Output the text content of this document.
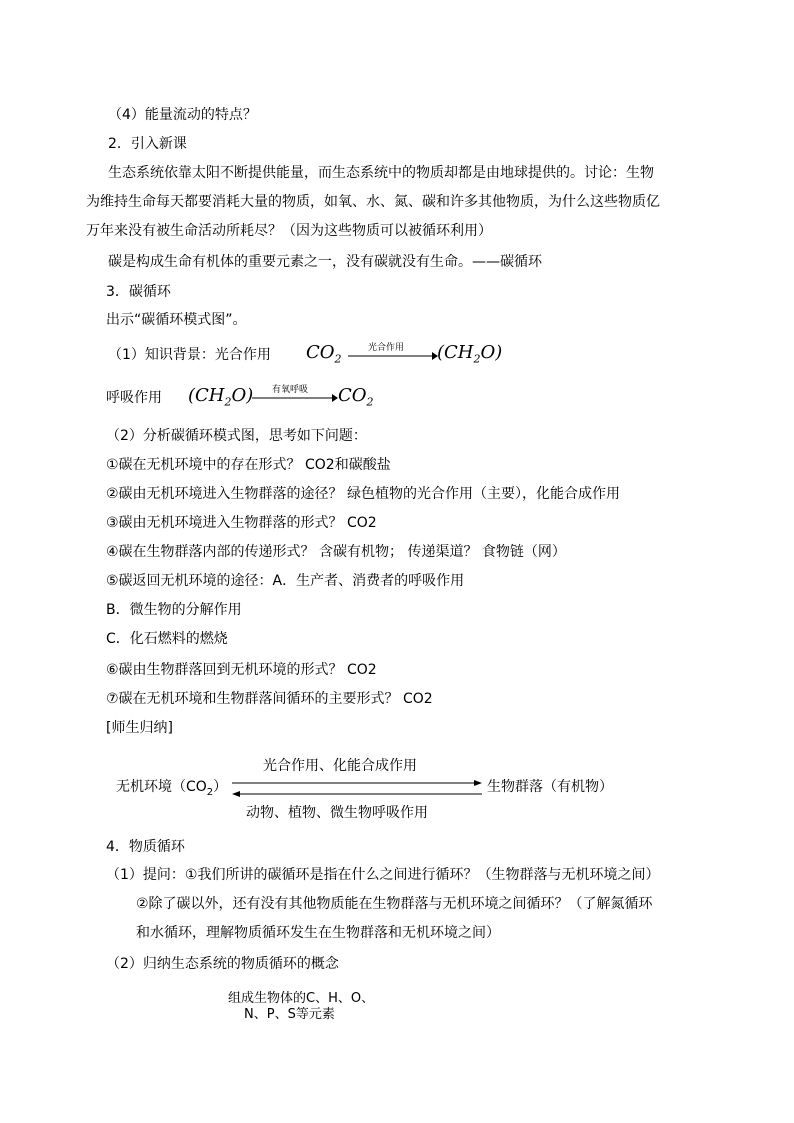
（4）能量流动的特点？
2．引入新课
生态系统依靠太阳不断提供能量，而生态系统中的物质却都是由地球提供的。讨论：生物
为维持生命每天都要消耗大量的物质，如氧、水、氮、碳和许多其他物质，为什么这些物质亿
万年来没有被生命活动所耗尽？（因为这些物质可以被循环利用）
碳是构成生命有机体的重要元素之一，没有碳就没有生命。——碳循环
3．碳循环
出示“碳循环模式图”。
（1）知识背景：光合作用 $CO_2$
光合作用 $(CH_2O)$
呼吸作用 $(CH_2O)$ 有氧呼吸 $CO_2$
（2）分析碳循环模式图，思考如下问题：
①碳在无机环境中的存在形式？ CO2和碳酸盐
②碳由无机环境进入生物群落的途径？ 绿色植物的光合作用（主要），化能合成作用
③碳由无机环境进入生物群落的形式？ CO2
④碳在生物群落内部的传递形式？ 含碳有机物； 传递渠道？ 食物链（网）
⑤碳返回无机环境的途径：A．生产者、消费者的呼吸作用
B．微生物的分解作用
C．化石燃料的燃烧
⑥碳由生物群落回到无机环境的形式？ CO2
⑦碳在无机环境和生物群落间循环的主要形式？ CO2
[师生归纳]
光合作用、化能合成作用
无机环境$(CO_2)$	生物群落（有机物）
动物、植物、微生物呼吸作用
4．物质循环
（1）提问：①我们所讲的碳循环是指在什么之间进行循环？（生物群落与无机环境之间）
②除了碳以外，还有没有其他物质能在生物群落与无机环境之间循环？（了解氮循环
和水循环，理解物质循环发生在生物群落和无机环境之间）
（2）归纳生态系统的物质循环的概念
组成生物体的C、H、O、
N、P、S等元素
